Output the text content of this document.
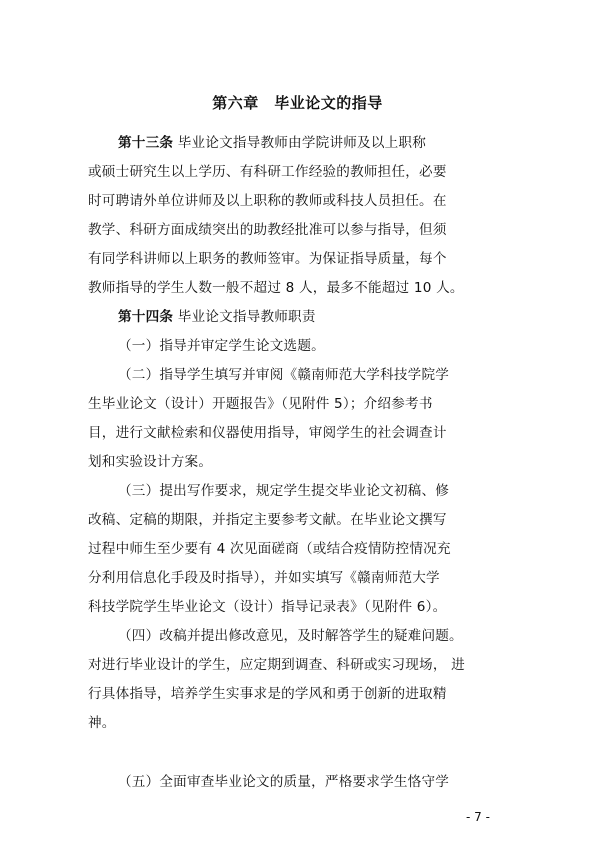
第六章　毕业论文的指导
第十三条 毕业论文指导教师由学院讲师及以上职称
或硕士研究生以上学历、有科研工作经验的教师担任，必要
时可聘请外单位讲师及以上职称的教师或科技人员担任。在
教学、科研方面成绩突出的助教经批准可以参与指导，但须
有同学科讲师以上职务的教师签审。为保证指导质量，每个
教师指导的学生人数一般不超过 8 人，最多不能超过 10 人。
第十四条 毕业论文指导教师职责
（一）指导并审定学生论文选题。
（二）指导学生填写并审阅《赣南师范大学科技学院学
生毕业论文（设计）开题报告》（见附件 5）；介绍参考书
目，进行文献检索和仪器使用指导，审阅学生的社会调查计
划和实验设计方案。
（三）提出写作要求，规定学生提交毕业论文初稿、修
改稿、定稿的期限，并指定主要参考文献。在毕业论文撰写
过程中师生至少要有 4 次见面磋商（或结合疫情防控情况充
分利用信息化手段及时指导），并如实填写《赣南师范大学
科技学院学生毕业论文（设计）指导记录表》（见附件 6）。
（四）改稿并提出修改意见，及时解答学生的疑难问题。
对进行毕业设计的学生，应定期到调查、科研或实习现场， 进
行具体指导，培养学生实事求是的学风和勇于创新的进取精
神。
（五）全面审查毕业论文的质量，严格要求学生恪守学
- 7 -
